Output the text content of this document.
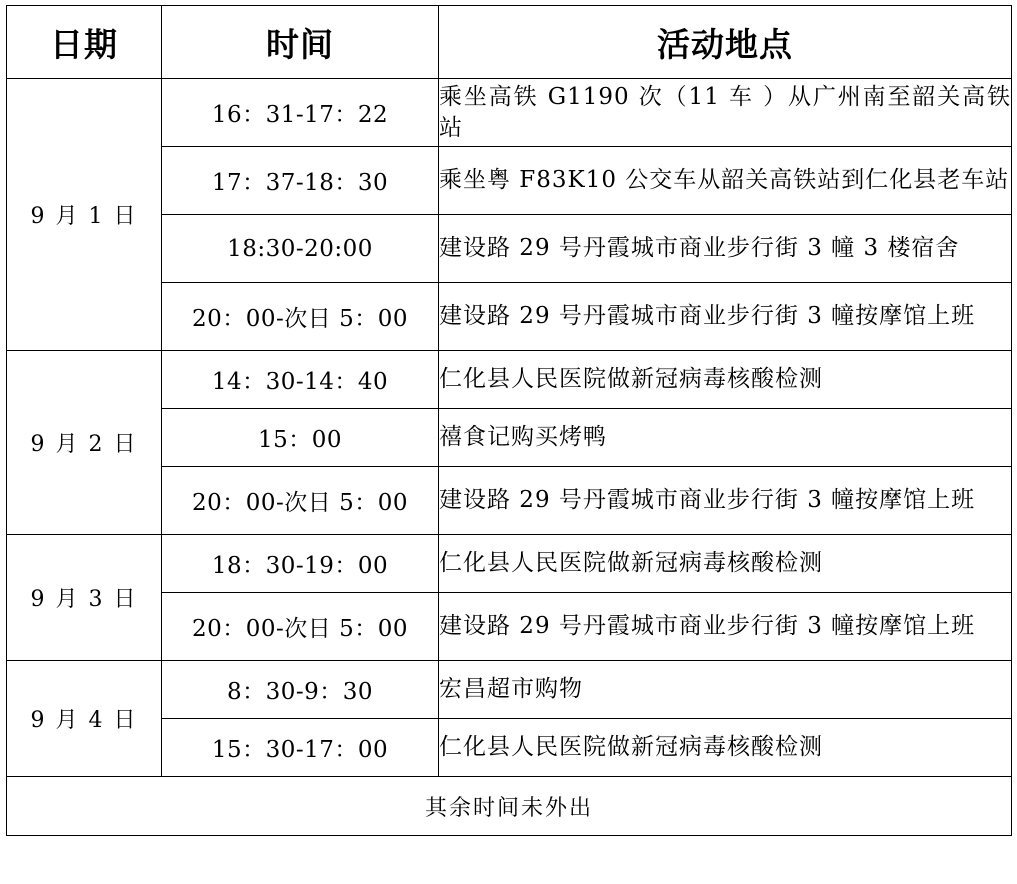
日期	时间	活动地点
9 月 1 日	16：31-17：22	乘坐高铁 G1190 次（11 车 ）从广州南至韶关高铁站
	17：37-18：30	乘坐粤 F83K10 公交车从韶关高铁站到仁化县老车站
	18:30-20:00	建设路 29 号丹霞城市商业步行街 3 幢 3 楼宿舍
	20：00-次日 5：00	建设路 29 号丹霞城市商业步行街 3 幢按摩馆上班
9 月 2 日	14：30-14：40	仁化县人民医院做新冠病毒核酸检测
	15：00	禧食记购买烤鸭
	20：00-次日 5：00	建设路 29 号丹霞城市商业步行街 3 幢按摩馆上班
9 月 3 日	18：30-19：00	仁化县人民医院做新冠病毒核酸检测
	20：00-次日 5：00	建设路 29 号丹霞城市商业步行街 3 幢按摩馆上班
9 月 4 日	8：30-9：30	宏昌超市购物
	15：30-17：00	仁化县人民医院做新冠病毒核酸检测
其余时间未外出		
